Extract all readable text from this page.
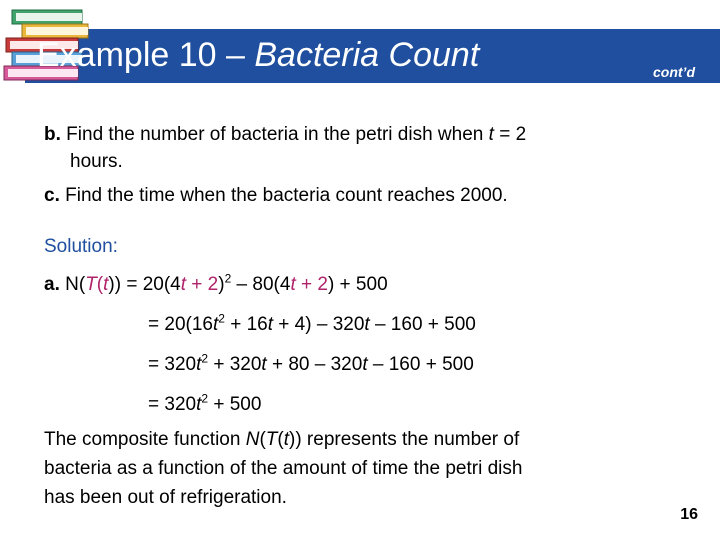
Example 10 – Bacteria Count	cont’d
b. Find the number of bacteria in the petri dish when t = 2
hours.
c. Find the time when the bacteria count reaches 2000.
Solution:
a. $N(T(t)) = 20(4t + 2)^2 - 80(4t + 2) + 500$
= $20(16t^2 + 16t + 4) - 320t - 160 + 500$
= $320t^2 + 320t + 80 - 320t - 160 + 500$
= $320t^2 + 500$
The composite function N(T(t)) represents the number of
bacteria as a function of the amount of time the petri dish
has been out of refrigeration.
16
